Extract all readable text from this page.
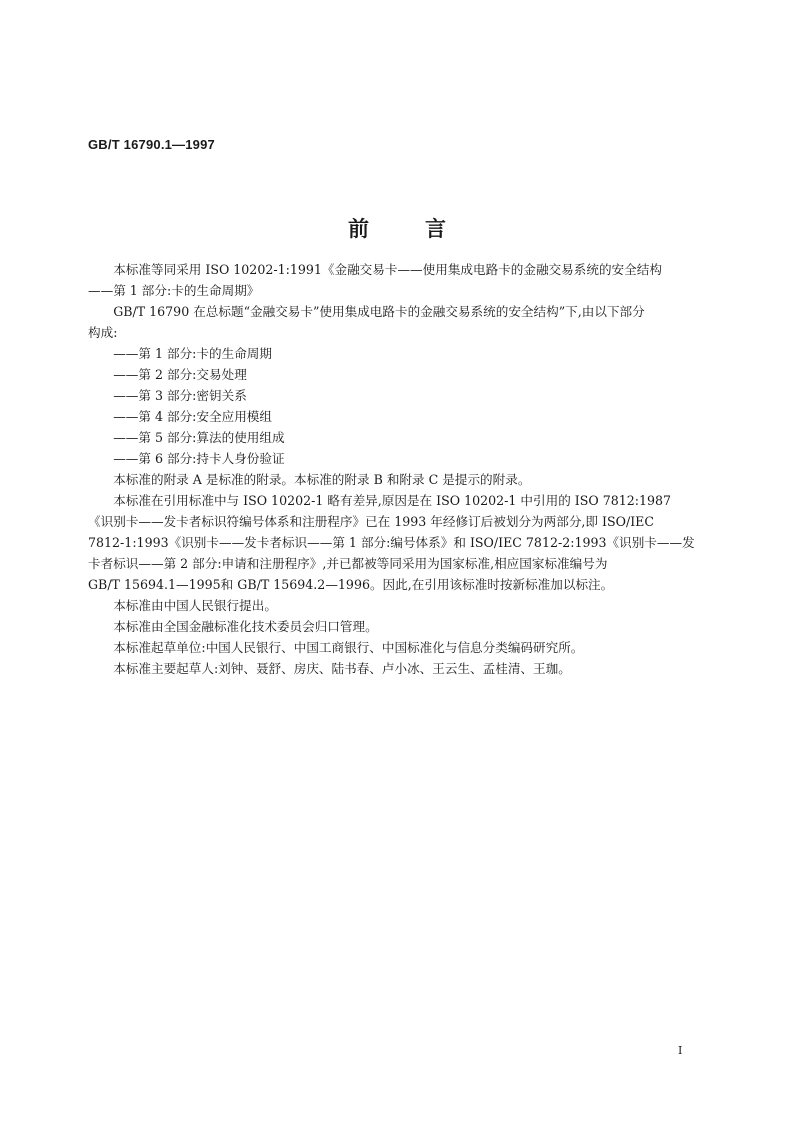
GB/T 16790.1—1997
前	言

本标准等同采用 ISO 10202-1:1991《金融交易卡——使用集成电路卡的金融交易系统的安全结构

——第 1 部分:卡的生命周期》

GB/T 16790 在总标题“金融交易卡”使用集成电路卡的金融交易系统的安全结构”下,由以下部分

构成:

——第 1 部分:卡的生命周期
——第 2 部分:交易处理
——第 3 部分:密钥关系
——第 4 部分:安全应用模组
——第 5 部分:算法的使用组成
——第 6 部分:持卡人身份验证

本标准的附录 A 是标准的附录。本标准的附录 B 和附录 C 是提示的附录。

本标准在引用标准中与 ISO 10202-1 略有差异,原因是在 ISO 10202-1 中引用的 ISO 7812:1987

《识别卡——发卡者标识符编号体系和注册程序》已在 1993 年经修订后被划分为两部分,即 ISO/IEC

7812-1:1993《识别卡——发卡者标识——第 1 部分:编号体系》和 ISO/IEC 7812-2:1993《识别卡——发

卡者标识——第 2 部分:申请和注册程序》,并已都被等同采用为国家标准,相应国家标准编号为

GB/T 15694.1—1995和 GB/T 15694.2—1996。因此,在引用该标准时按新标准加以标注。

本标准由中国人民银行提出。

本标准由全国金融标准化技术委员会归口管理。

本标准起草单位:中国人民银行、中国工商银行、中国标准化与信息分类编码研究所。

本标准主要起草人:刘钟、聂舒、房庆、陆书春、卢小冰、王云生、孟桂清、王珈。

I
